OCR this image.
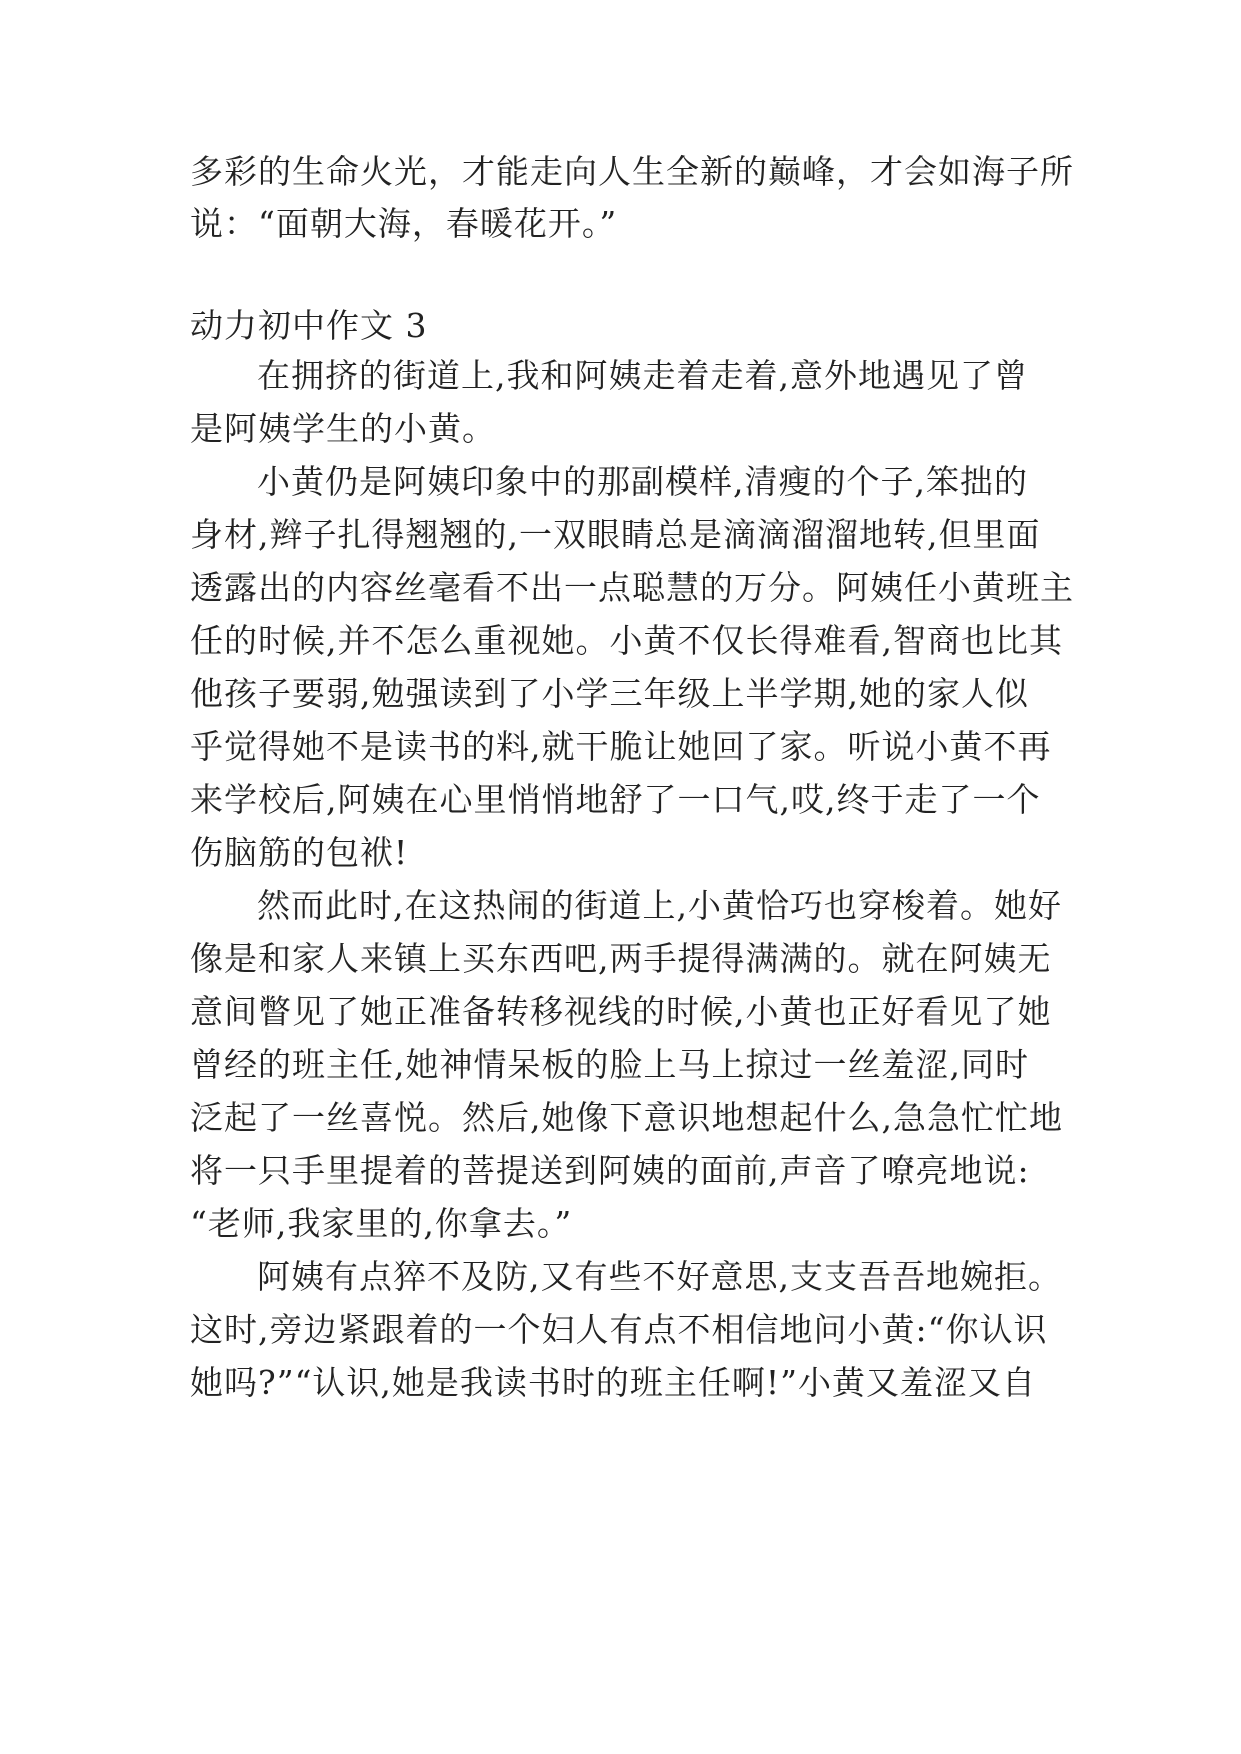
多彩的生命火光，才能走向人生全新的巅峰，才会如海子所
说：“面朝大海，春暖花开。”
动力初中作文 3
在拥挤的街道上,我和阿姨走着走着,意外地遇见了曾
是阿姨学生的小黄。
小黄仍是阿姨印象中的那副模样,清瘦的个子,笨拙的
身材,辫子扎得翘翘的,一双眼睛总是滴滴溜溜地转,但里面
透露出的内容丝毫看不出一点聪慧的万分。阿姨任小黄班主
任的时候,并不怎么重视她。小黄不仅长得难看,智商也比其
他孩子要弱,勉强读到了小学三年级上半学期,她的家人似
乎觉得她不是读书的料,就干脆让她回了家。听说小黄不再
来学校后,阿姨在心里悄悄地舒了一口气,哎,终于走了一个
伤脑筋的包袱!
然而此时,在这热闹的街道上,小黄恰巧也穿梭着。她好
像是和家人来镇上买东西吧,两手提得满满的。就在阿姨无
意间瞥见了她正准备转移视线的时候,小黄也正好看见了她
曾经的班主任,她神情呆板的脸上马上掠过一丝羞涩,同时
泛起了一丝喜悦。然后,她像下意识地想起什么,急急忙忙地
将一只手里提着的菩提送到阿姨的面前,声音了嘹亮地说:
“老师,我家里的,你拿去。”
阿姨有点猝不及防,又有些不好意思,支支吾吾地婉拒。
这时,旁边紧跟着的一个妇人有点不相信地问小黄:“你认识
她吗?”“认识,她是我读书时的班主任啊!”小黄又羞涩又自
